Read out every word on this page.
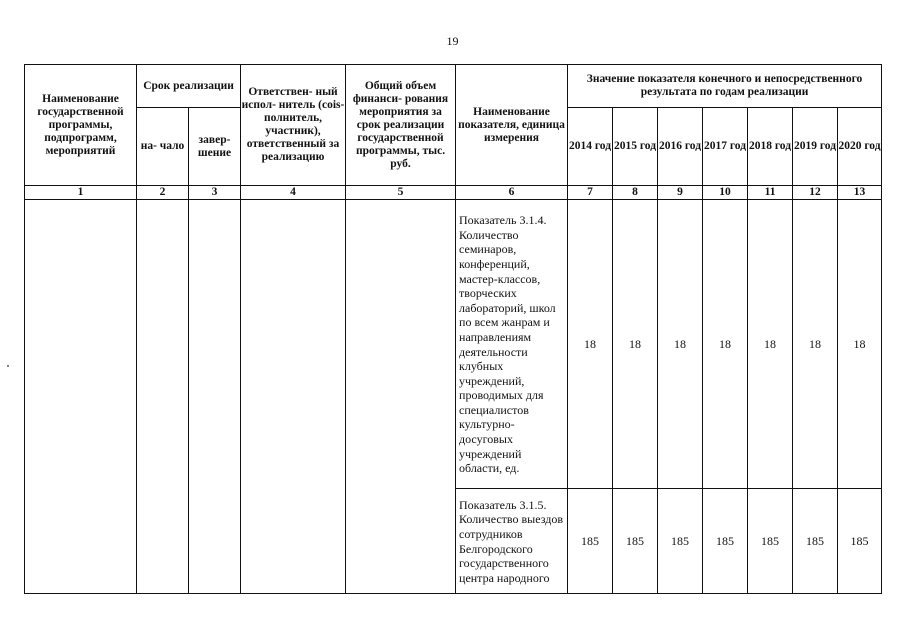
19
Наименование государственной программы, подпрограмм, мероприятий	Срок реализации		Ответствен- ный испол- нитель (сois- полнитель, участник), ответственный за реализацию	Общий объем финанси- рования мероприятия за срок реализации государственной программы, тыс. руб.	Наименование показателя, единица измерения	Значение показателя конечного и непосредственного результата по годам реализации						
	на- чало	завер- шение				2014 год	2015 год	2016 год	2017 год	2018 год	2019 год	2020 год
1	2	3	4	5	6	7	8	9	10	11	12	13
					Показатель 3.1.4. Количество семинаров, конференций, мастер-классов, творческих лабораторий, школ по всем жанрам и направлениям деятельности клубных учреждений, проводимых для специалистов культурно-досуговых учреждений области, ед.	18	18	18	18	18	18	18
					Показатель 3.1.5. Количество выездов сотрудников Белгородского государственного центра народного	185	185	185	185	185	185	185
